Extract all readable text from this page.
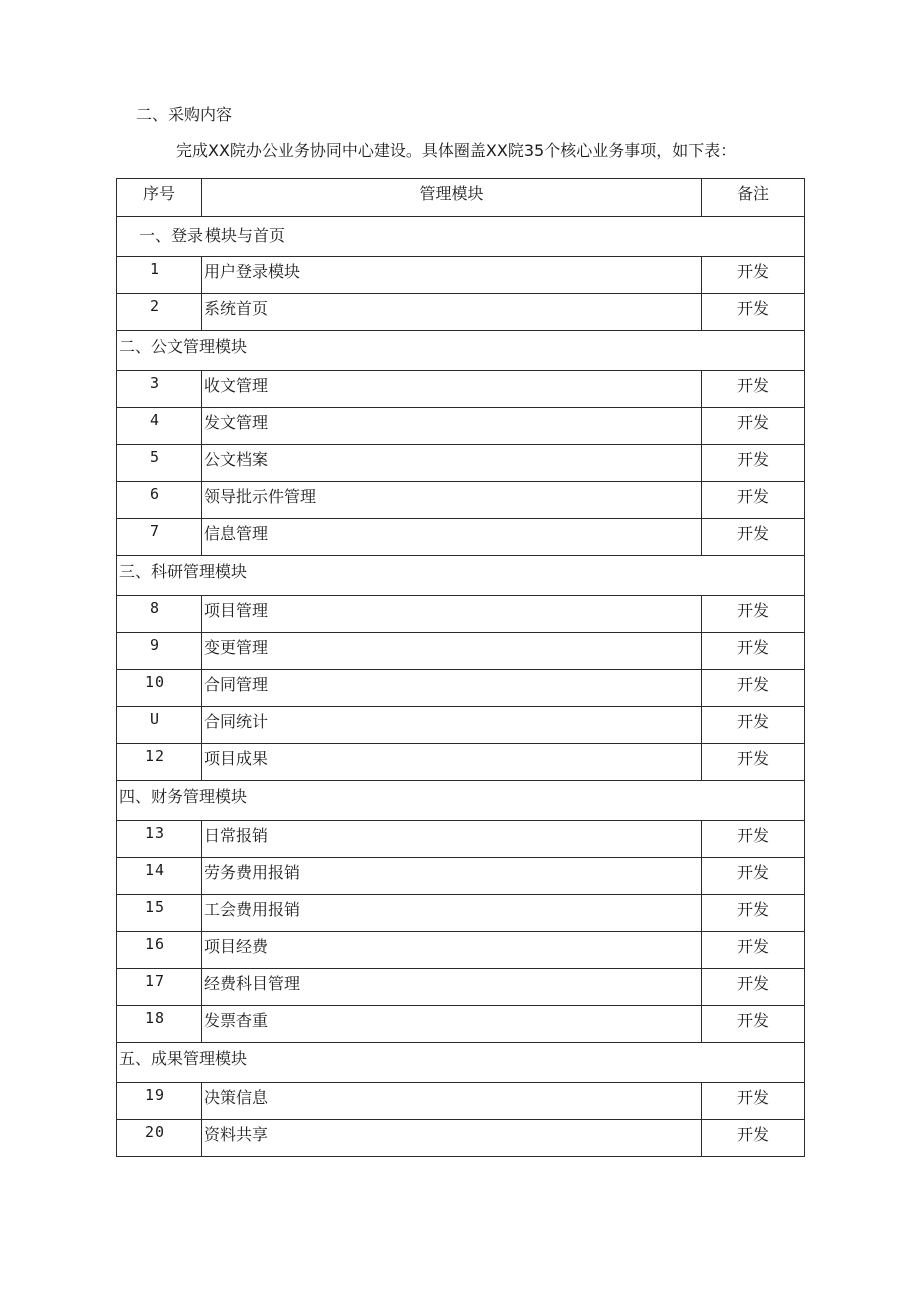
二、采购内容
完成XX院办公业务协同中心建设。具体圈盖XX院35个核心业务事项，如下表：
序号	管理模块	备注

一、登录 模块与首页		

1	用户登录模块	开发

2	系统首页	开发

二、公文管理模块		

3	收文管理	开发

4	发文管理	开发

5	公文档案	开发

6	领导批示件管理	开发

7	信息管理	开发

三、科研管理模块		

8	项目管理	开发

9	变更管理	开发

10	合同管理	开发

U	合同统计	开发

12	项目成果	开发

四、财务管理模块		

13	日常报销	开发

14	劳务费用报销	开发

15	工会费用报销	开发

16	项目经费	开发

17	经费科目管理	开发

18	发票杳重	开发

五、成果管理模块		

19	决策信息	开发

20	资料共享	开发
